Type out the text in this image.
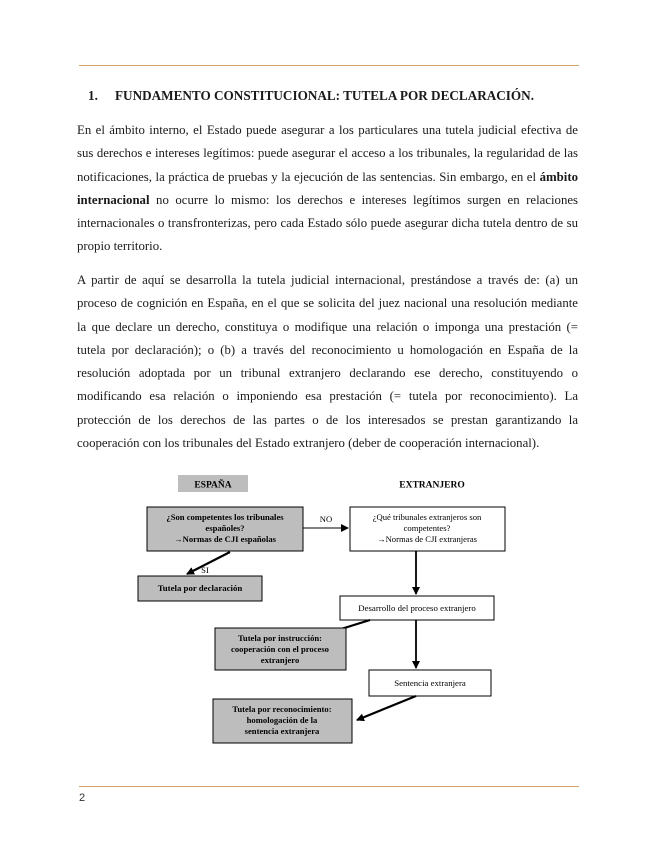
1. FUNDAMENTO CONSTITUCIONAL: TUTELA POR DECLARACIÓN.

En el ámbito interno, el Estado puede asegurar a los particulares una tutela judicial efectiva de sus derechos e intereses legítimos: puede asegurar el acceso a los tribunales, la regularidad de las notificaciones, la práctica de pruebas y la ejecución de las sentencias. Sin embargo, en el ámbito internacional no ocurre lo mismo: los derechos e intereses legítimos surgen en relaciones internacionales o transfronterizas, pero cada Estado sólo puede asegurar dicha tutela dentro de su propio territorio.

A partir de aquí se desarrolla la tutela judicial internacional, prestándose a través de: (a) un proceso de cognición en España, en el que se solicita del juez nacional una resolución mediante la que declare un derecho, constituya o modifique una relación o imponga una prestación (= tutela por declaración); o (b) a través del reconocimiento u homologación en España de la resolución adoptada por un tribunal extranjero declarando ese derecho, constituyendo o modificando esa relación o imponiendo esa prestación (= tutela por reconocimiento). La protección de los derechos de las partes o de los interesados se prestan garantizando la cooperación con los tribunales del Estado extranjero (deber de cooperación internacional).

ESPAÑA	EXTRANJERO
¿Son competentes los tribunales
españoles?
→Normas de CJI españolas
¿Qué tribunales extranjeros son
competentes?
→Normas de CJI extranjeras
NO
SI
Tutela por declaración
Desarrollo del proceso extranjero
Tutela por instrucción:
cooperación con el proceso
extranjero
Sentencia extranjera
Tutela por reconocimiento:
homologación de la
sentencia extranjera
2
